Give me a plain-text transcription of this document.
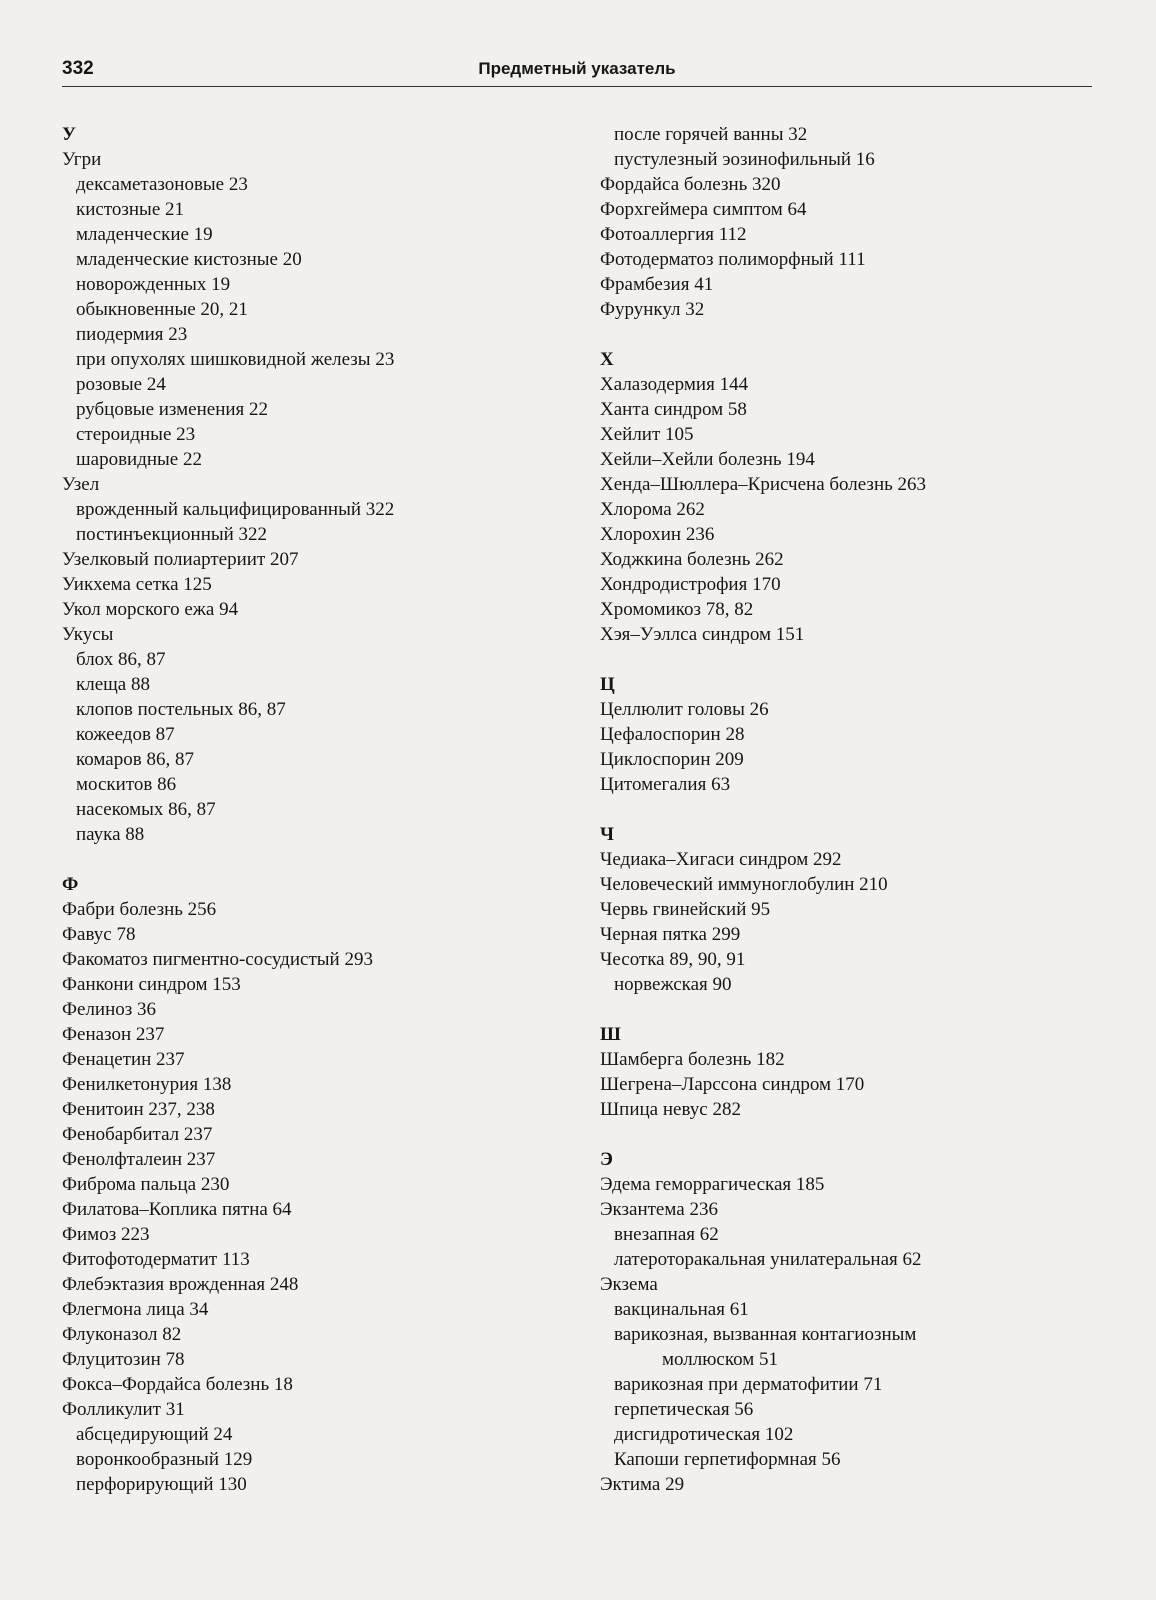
332	Предметный указатель
У
Угри
дексаметазоновые 23
кистозные 21
младенческие 19
младенческие кистозные 20
новорожденных 19
обыкновенные 20, 21
пиодермия 23
при опухолях шишковидной железы 23
розовые 24
рубцовые изменения 22
стероидные 23
шаровидные 22
Узел
врожденный кальцифицированный 322
постинъекционный 322
Узелковый полиартериит 207
Уикхема сетка 125
Укол морского ежа 94
Укусы
блох 86, 87
клеща 88
клопов постельных 86, 87
кожеедов 87
комаров 86, 87
москитов 86
насекомых 86, 87
паука 88
Ф
Фабри болезнь 256
Фавус 78
Факоматоз пигментно-сосудистый 293
Фанкони синдром 153
Фелиноз 36
Феназон 237
Фенацетин 237
Фенилкетонурия 138
Фенитоин 237, 238
Фенобарбитал 237
Фенолфталеин 237
Фиброма пальца 230
Филатова–Коплика пятна 64
Фимоз 223
Фитофотодерматит 113
Флебэктазия врожденная 248
Флегмона лица 34
Флуконазол 82
Флуцитозин 78
Фокса–Фордайса болезнь 18
Фолликулит 31
абсцедирующий 24
воронкообразный 129
перфорирующий 130
после горячей ванны 32
пустулезный эозинофильный 16
Фордайса болезнь 320
Форхгеймера симптом 64
Фотоаллергия 112
Фотодерматоз полиморфный 111
Фрамбезия 41
Фурункул 32
Х
Халазодермия 144
Ханта синдром 58
Хейлит 105
Хейли–Хейли болезнь 194
Хенда–Шюллера–Крисчена болезнь 263
Хлорома 262
Хлорохин 236
Ходжкина болезнь 262
Хондродистрофия 170
Хромомикоз 78, 82
Хэя–Уэллса синдром 151
Ц
Целлюлит головы 26
Цефалоспорин 28
Циклоспорин 209
Цитомегалия 63
Ч
Чедиака–Хигаси синдром 292
Человеческий иммуноглобулин 210
Червь гвинейский 95
Черная пятка 299
Чесотка 89, 90, 91
норвежская 90
Ш
Шамберга болезнь 182
Шегрена–Ларссона синдром 170
Шпица невус 282
Э
Эдема геморрагическая 185
Экзантема 236
внезапная 62
латероторакальная унилатеральная 62
Экзема
вакцинальная 61
варикозная, вызванная контагиозным
моллюском 51
варикозная при дерматофитии 71
герпетическая 56
дисгидротическая 102
Капоши герпетиформная 56
Эктима 29
